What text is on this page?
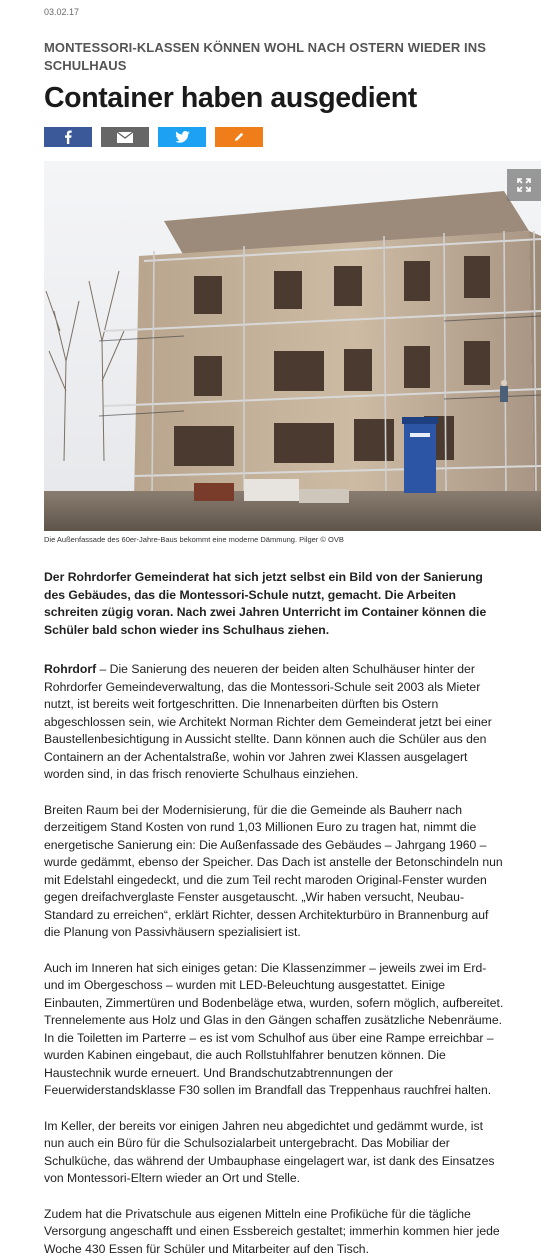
03.02.17
MONTESSORI-KLASSEN KÖNNEN WOHL NACH OSTERN WIEDER INS SCHULHAUS
Container haben ausgedient
Die Außenfassade des 60er-Jahre-Baus bekommt eine moderne Dämmung. Pilger © OVB
Der Rohrdorfer Gemeinderat hat sich jetzt selbst ein Bild von der Sanierung des Gebäudes, das die Montessori-Schule nutzt, gemacht. Die Arbeiten schreiten zügig voran. Nach zwei Jahren Unterricht im Container können die Schüler bald schon wieder ins Schulhaus ziehen.

Rohrdorf – Die Sanierung des neueren der beiden alten Schulhäuser hinter der Rohrdorfer Gemeindeverwaltung, das die Montessori-Schule seit 2003 als Mieter nutzt, ist bereits weit fortgeschritten. Die Innenarbeiten dürften bis Ostern abgeschlossen sein, wie Architekt Norman Richter dem Gemeinderat jetzt bei einer Baustellenbesichtigung in Aussicht stellte. Dann können auch die Schüler aus den Containern an der Achentalstraße, wohin vor Jahren zwei Klassen ausgelagert worden sind, in das frisch renovierte Schulhaus einziehen.

Breiten Raum bei der Modernisierung, für die die Gemeinde als Bauherr nach derzeitigem Stand Kosten von rund 1,03 Millionen Euro zu tragen hat, nimmt die energetische Sanierung ein: Die Außenfassade des Gebäudes – Jahrgang 1960 – wurde gedämmt, ebenso der Speicher. Das Dach ist anstelle der Betonschindeln nun mit Edelstahl eingedeckt, und die zum Teil recht maroden Original-Fenster wurden gegen dreifachverglaste Fenster ausgetauscht. „Wir haben versucht, Neubau-Standard zu erreichen“, erklärt Richter, dessen Architekturbüro in Brannenburg auf die Planung von Passivhäusern spezialisiert ist.

Auch im Inneren hat sich einiges getan: Die Klassenzimmer – jeweils zwei im Erd- und im Obergeschoss – wurden mit LED-Beleuchtung ausgestattet. Einige Einbauten, Zimmertüren und Bodenbeläge etwa, wurden, sofern möglich, aufbereitet. Trennelemente aus Holz und Glas in den Gängen schaffen zusätzliche Nebenräume. In die Toiletten im Parterre – es ist vom Schulhof aus über eine Rampe erreichbar – wurden Kabinen eingebaut, die auch Rollstuhlfahrer benutzen können. Die Haustechnik wurde erneuert. Und Brandschutzabtrennungen der Feuerwiderstandsklasse F30 sollen im Brandfall das Treppenhaus rauchfrei halten.

Im Keller, der bereits vor einigen Jahren neu abgedichtet und gedämmt wurde, ist nun auch ein Büro für die Schulsozialarbeit untergebracht. Das Mobiliar der Schulküche, das während der Umbauphase eingelagert war, ist dank des Einsatzes von Montessori-Eltern wieder an Ort und Stelle.

Zudem hat die Privatschule aus eigenen Mitteln eine Profiküche für die tägliche Versorgung angeschafft und einen Essbereich gestaltet; immerhin kommen hier jede Woche 430 Essen für Schüler und Mitarbeiter auf den Tisch.
